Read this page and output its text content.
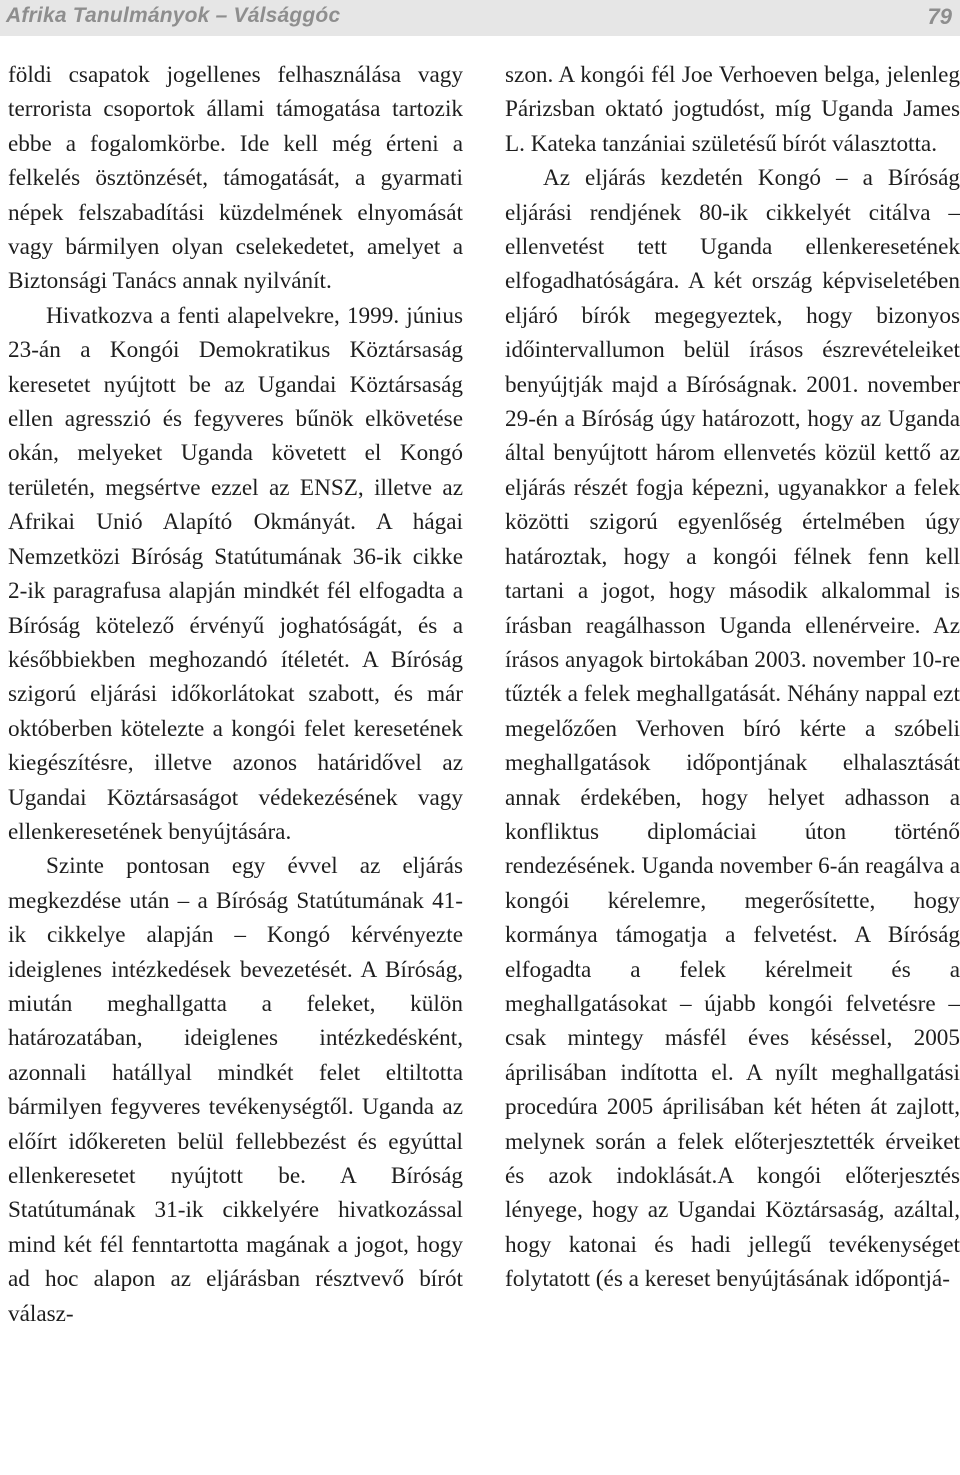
Afrika Tanulmányok – Válsággóc	79

földi csapatok jogellenes felhasználása vagy terrorista csoportok állami támogatása tartozik ebbe a fogalomkörbe. Ide kell még érteni a felkelés ösztönzését, támogatását, a gyarmati népek felszabadítási küzdelmének elnyomását vagy bármilyen olyan cselekedetet, amelyet a Biztonsági Tanács annak nyilvánít.

Hivatkozva a fenti alapelvekre, 1999. június 23-án a Kongói Demokratikus Köztársaság keresetet nyújtott be az Ugandai Köztársaság ellen agresszió és fegyveres bűnök elkövetése okán, melyeket Uganda követett el Kongó területén, megsértve ezzel az ENSZ, illetve az Afrikai Unió Alapító Okmányát. A hágai Nemzetközi Bíróság Statútumának 36-ik cikke 2-ik paragrafusa alapján mindkét fél elfogadta a Bíróság kötelező érvényű joghatóságát, és a későbbiekben meghozandó ítéletét. A Bíróság szigorú eljárási időkorlátokat szabott, és már októberben kötelezte a kongói felet keresetének kiegészítésre, illetve azonos határidővel az Ugandai Köztársaságot védekezésének vagy ellenkeresetének benyújtására.

Szinte pontosan egy évvel az eljárás megkezdése után – a Bíróság Statútumának 41-ik cikkelye alapján – Kongó kérvényezte ideiglenes intézkedések bevezetését. A Bíróság, miután meghallgatta a feleket, külön határozatában, ideiglenes intézkedésként, azonnali hatállyal mindkét felet eltiltotta bármilyen fegyveres tevékenységtől. Uganda az előírt időkereten belül fellebbezést és egyúttal ellenkeresetet nyújtott be. A Bíróság Statútumának 31-ik cikkelyére hivatkozással mind két fél fenntartotta magának a jogot, hogy ad hoc alapon az eljárásban résztvevő bírót válasz-

szon. A kongói fél Joe Verhoeven belga, jelenleg Párizsban oktató jogtudóst, míg Uganda James L. Kateka tanzániai születésű bírót választotta.

Az eljárás kezdetén Kongó – a Bíróság eljárási rendjének 80-ik cikkelyét citálva – ellenvetést tett Uganda ellenkeresetének elfogadhatóságára. A két ország képviseletében eljáró bírók megegyeztek, hogy bizonyos időintervallumon belül írásos észrevételeiket benyújtják majd a Bíróságnak. 2001. november 29-én a Bíróság úgy határozott, hogy az Uganda által benyújtott három ellenvetés közül kettő az eljárás részét fogja képezni, ugyanakkor a felek közötti szigorú egyenlőség értelmében úgy határoztak, hogy a kongói félnek fenn kell tartani a jogot, hogy második alkalommal is írásban reagálhasson Uganda ellenérveire. Az írásos anyagok birtokában 2003. november 10-re tűzték a felek meghallgatását. Néhány nappal ezt megelőzően Verhoven bíró kérte a szóbeli meghallgatások időpontjának elhalasztását annak érdekében, hogy helyet adhasson a konfliktus diplomáciai úton történő rendezésének. Uganda november 6-án reagálva a kongói kérelemre, megerősítette, hogy kormánya támogatja a felvetést. A Bíróság elfogadta a felek kérelmeit és a meghallgatásokat – újabb kongói felvetésre – csak mintegy másfél éves késéssel, 2005 áprilisában indította el. A nyílt meghallgatási procedúra 2005 áprilisában két héten át zajlott, melynek során a felek előterjesztették érveiket és azok indoklását.A kongói előterjesztés lényege, hogy az Ugandai Köztársaság, azáltal, hogy katonai és hadi jellegű tevékenységet folytatott (és a kereset benyújtásának időpontjá-
